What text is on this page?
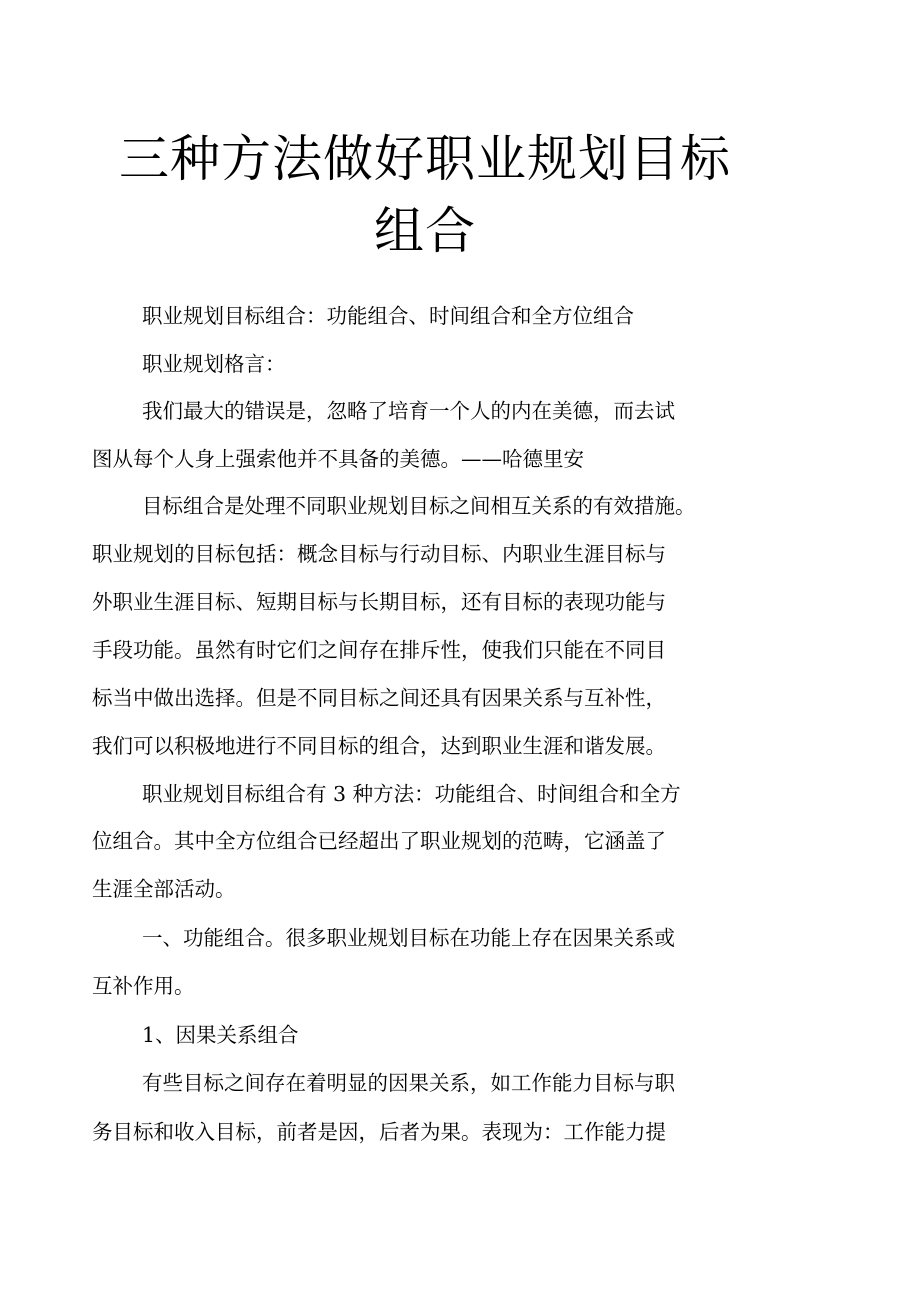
三种方法做好职业规划目标
组合

职业规划目标组合：功能组合、时间组合和全方位组合

职业规划格言：

我们最大的错误是，忽略了培育一个人的内在美德，而去试

图从每个人身上强索他并不具备的美德。——哈德里安

目标组合是处理不同职业规划目标之间相互关系的有效措施。

职业规划的目标包括：概念目标与行动目标、内职业生涯目标与

外职业生涯目标、短期目标与长期目标，还有目标的表现功能与

手段功能。虽然有时它们之间存在排斥性，使我们只能在不同目

标当中做出选择。但是不同目标之间还具有因果关系与互补性，

我们可以积极地进行不同目标的组合，达到职业生涯和谐发展。

职业规划目标组合有 3 种方法：功能组合、时间组合和全方

位组合。其中全方位组合已经超出了职业规划的范畴，它涵盖了

生涯全部活动。

一、功能组合。很多职业规划目标在功能上存在因果关系或

互补作用。

1、因果关系组合

有些目标之间存在着明显的因果关系，如工作能力目标与职

务目标和收入目标，前者是因，后者为果。表现为：工作能力提
